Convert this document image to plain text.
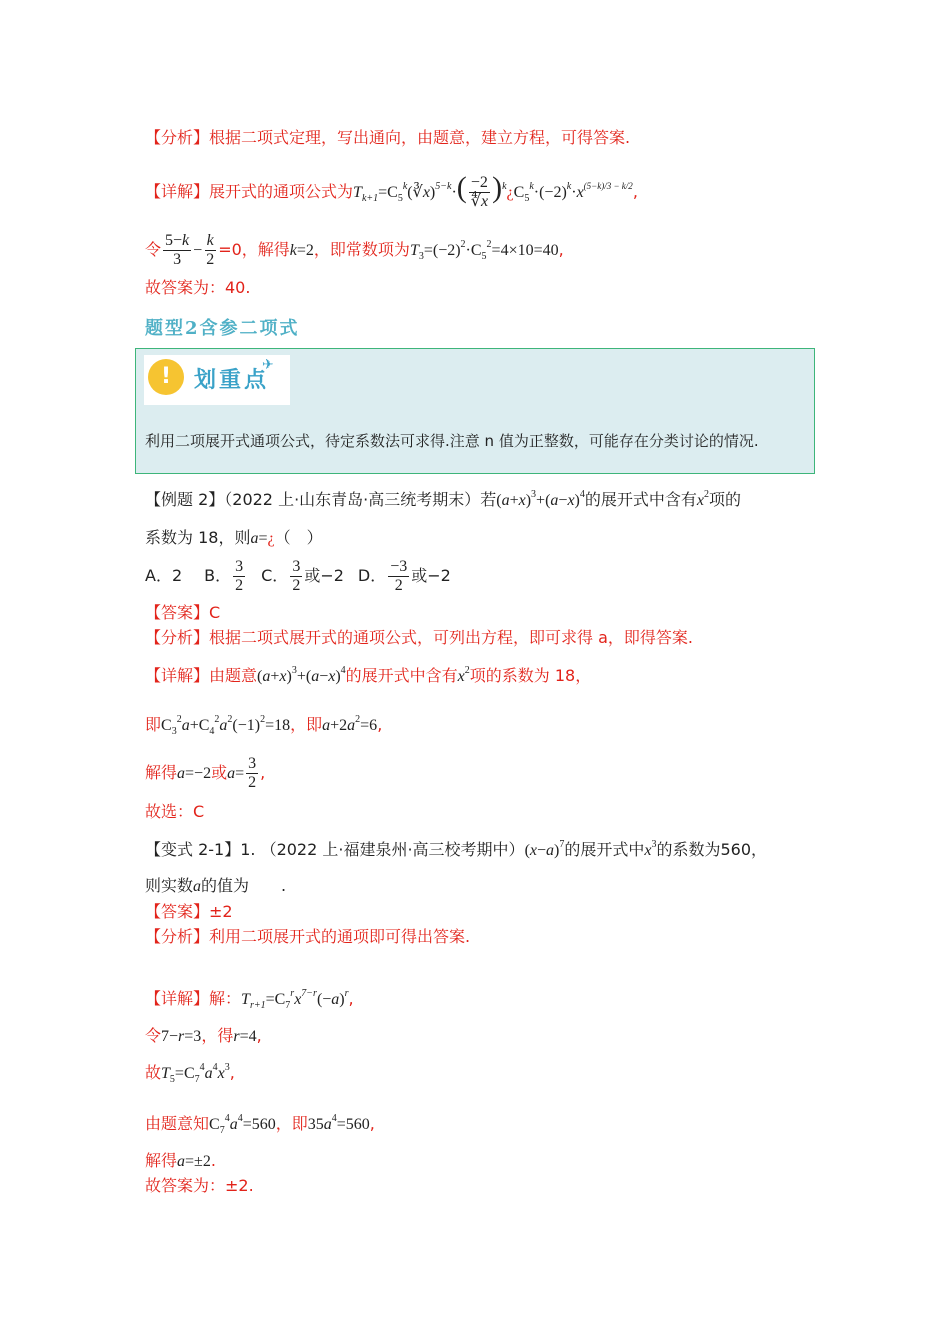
【分析】根据二项式定理，写出通向，由题意，建立方程，可得答案.
【详解】展开式的通项公式为$T_{k+1}=C_5^k(∛x)^{5-k}\cdot( \frac{-2}{∜x}$ )$^k¿C_5^k\cdot(-2)^k\cdot x^{(5-k)/3 - k/2}$,
令 $\frac{5-k}{3} - \frac{k}{2} =0$，解得k=2，即常数项为$T_3=(-2)^2\cdot C_5^2=4\times 10=40$,
故答案为：40.
题型2含参二项式
!	划重点
✈
利用二项展开式通项公式，待定系数法可求得.注意 n 值为正整数，可能存在分类讨论的情况.
【例题 2】（2022 上·山东青岛·高三统考期末）若$(a+x)^3+(a-x)^4$的展开式中含有$x^2$项的
系数为 18，则a=¿（　）
A．2 B． $\frac{3}{2}$ C． $\frac{3}{2}$ 或−2 D． $\frac{-3}{2}$ 或−2
【答案】C
【分析】根据二项式展开式的通项公式，可列出方程，即可求得 a，即得答案.
【详解】由题意$(a+x)^3+(a-x)^4$的展开式中含有$x^2$项的系数为 18，
即$C_3^2a+C_4^2a^2(-1)^2=18$，即$a+2a^2=6$,
解得a=−2或$a= \frac{3}{2}$ ,
故选：C
【变式 2-1】1. （2022 上·福建泉州·高三校考期中）$(x-a)^7$的展开式中$x^3$的系数为560，
则实数a的值为　　.
【答案】±2
【分析】利用二项展开式的通项即可得出答案.
【详解】解：$T_{r+1}=C_7^rx^{7-r}(-a)^r$,
令7−r=3，得r=4,
故$T_5=C_7^4a^4x^3$,
由题意知$C_7^4a^4=560$，即$35a^4=560$,
解得a=±2.
故答案为：±2.
